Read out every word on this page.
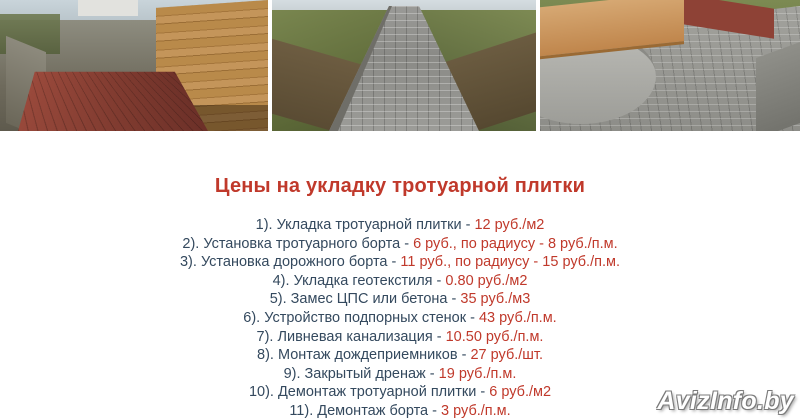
Цены на укладку тротуарной плитки
1). Укладка тротуарной плитки - 12 руб./м2
2). Установка тротуарного борта - 6 руб., по радиусу - 8 руб./п.м.
3). Установка дорожного борта - 11 руб., по радиусу - 15 руб./п.м.
4). Укладка геотекстиля - 0.80 руб./м2
5). Замес ЦПС или бетона - 35 руб./м3
6). Устройство подпорных стенок - 43 руб./п.м.
7). Ливневая канализация - 10.50 руб./п.м.
8). Монтаж дождеприемников - 27 руб./шт.
9). Закрытый дренаж - 19 руб./п.м.
10). Демонтаж тротуарной плитки - 6 руб./м2
11). Демонтаж борта - 3 руб./п.м.	AvizInfo.by
